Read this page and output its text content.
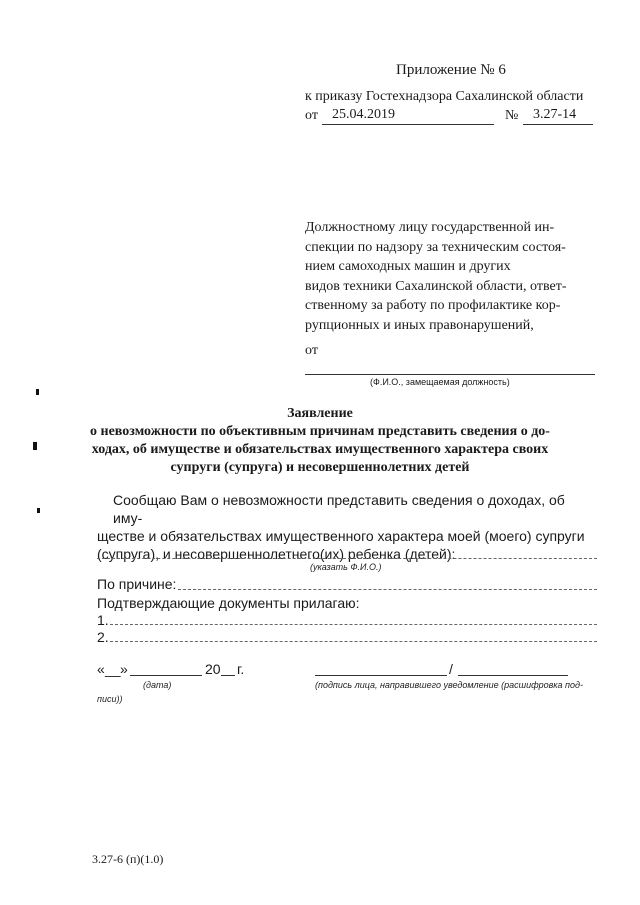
Приложение № 6
к приказу Гостехнадзора Сахалинской области
от 25.04.2019	№ 3.27-14
Должностному лицу государственной ин-
спекции по надзору за техническим состоя-
нием самоходных машин и других
видов техники Сахалинской области, ответ-
ственному за работу по профилактике кор-
рупционных и иных правонарушений,
от
(Ф.И.О., замещаемая должность)
Заявление
о невозможности по объективным причинам представить сведения о до-
ходах, об имуществе и обязательствах имущественного характера своих
супруги (супруга) и несовершеннолетних детей
Сообщаю Вам о невозможности представить сведения о доходах, об иму-
ществе и обязательствах имущественного характера моей (моего) супруги
(супруга), и несовершеннолетнего(их) ребенка (детей):
(указать Ф.И.О.)
По причине:
Подтверждающие документы прилагаю:
1.
2.
« __ »	20 г.	/
(дата)	(подпись лица, направившего уведомление (расшифровка под-
писи))
3.27-6 (п)(1.0)
